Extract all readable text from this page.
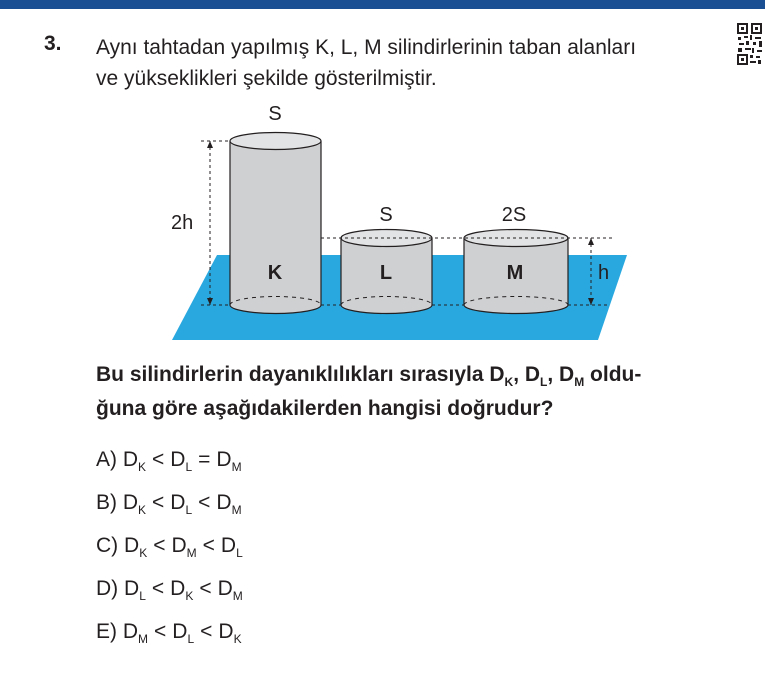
3. Aynı tahtadan yapılmış K, L, M silindirlerinin taban alanları
ve yükseklikleri şekilde gösterilmiştir.
S
S	2S
K	L	M
2h
h
Bu silindirlerin dayanıklılıkları sırasıyla $D_K$, $D_L$, $D_M$ oldu-
ğuna göre aşağıdakilerden hangisi doğrudur?
A) $D_K < D_L = D_M$
B) $D_K < D_L < D_M$
C) $D_K < D_M < D_L$
D) $D_L < D_K < D_M$
E) $D_M < D_L < D_K$
